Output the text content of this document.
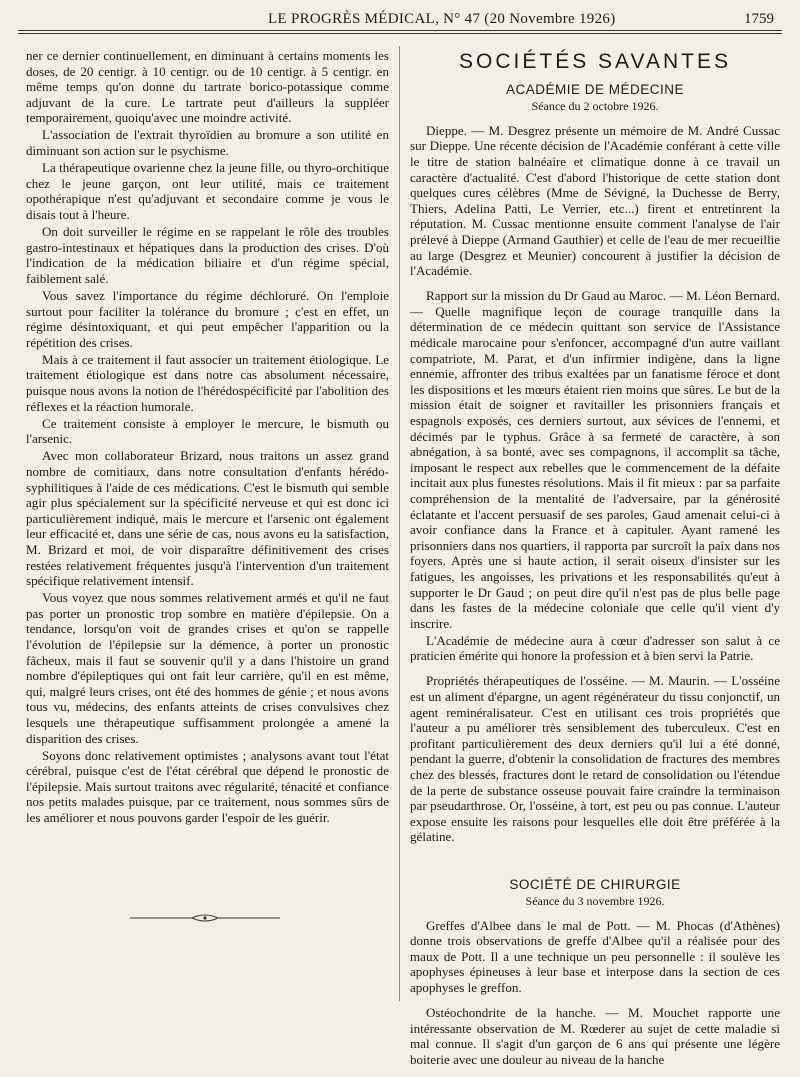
LE PROGRÈS MÉDICAL, N° 47 (20 Novembre 1926)	1759

ner ce dernier continuellement, en diminuant à certains moments les doses, de 20 centigr. à 10 centigr. ou de 10 centigr. à 5 centigr. en même temps qu'on donne du tartrate borico-potassique comme adjuvant de la cure. Le tartrate peut d'ailleurs la suppléer temporairement, quoiqu'avec une moindre activité.

L'association de l'extrait thyroïdien au bromure a son utilité en diminuant son action sur le psychisme.

La thérapeutique ovarienne chez la jeune fille, ou thyro-orchitique chez le jeune garçon, ont leur utilité, mais ce traitement opothérapique n'est qu'adjuvant et secondaire comme je vous le disais tout à l'heure.

On doit surveiller le régime en se rappelant le rôle des troubles gastro-intestinaux et hépatiques dans la production des crises. D'où l'indication de la médication biliaire et d'un régime spécial, faiblement salé.

Vous savez l'importance du régime déchloruré. On l'emploie surtout pour faciliter la tolérance du bromure ; c'est en effet, un régime désintoxiquant, et qui peut empêcher l'apparition ou la répétition des crises.

Mais à ce traitement il faut associer un traitement étiologique. Le traitement étiologique est dans notre cas absolument nécessaire, puisque nous avons la notion de l'hérédospécificité par l'abolition des réflexes et la réaction humorale.

Ce traitement consiste à employer le mercure, le bismuth ou l'arsenic.

Avec mon collaborateur Brizard, nous traitons un assez grand nombre de comitiaux, dans notre consultation d'enfants hérédo-syphilitiques à l'aide de ces médications. C'est le bismuth qui semble agir plus spécialement sur la spécificité nerveuse et qui est donc ici particulièrement indiqué, mais le mercure et l'arsenic ont également leur efficacité et, dans une série de cas, nous avons eu la satisfaction, M. Brizard et moi, de voir disparaître définitivement des crises restées relativement fréquentes jusqu'à l'intervention d'un traitement spécifique relativement intensif.

Vous voyez que nous sommes relativement armés et qu'il ne faut pas porter un pronostic trop sombre en matière d'épilepsie. On a tendance, lorsqu'on voit de grandes crises et qu'on se rappelle l'évolution de l'épilepsie sur la démence, à porter un pronostic fâcheux, mais il faut se souvenir qu'il y a dans l'histoire un grand nombre d'épileptiques qui ont fait leur carrière, qu'il en est même, qui, malgré leurs crises, ont été des hommes de génie ; et nous avons tous vu, médecins, des enfants atteints de crises convulsives chez lesquels une thérapeutique suffisamment prolongée a amené la disparition des crises.

Soyons donc relativement optimistes ; analysons avant tout l'état cérébral, puisque c'est de l'état cérébral que dépend le pronostic de l'épilepsie. Mais surtout traitons avec régularité, ténacité et confiance nos petits malades puisque, par ce traitement, nous sommes sûrs de les améliorer et nous pouvons garder l'espoir de les guérir.

SOCIÉTÉS SAVANTES
ACADÉMIE DE MÉDECINE
Séance du 2 octobre 1926.

Dieppe. — M. Desgrez présente un mémoire de M. André Cussac sur Dieppe. Une récente décision de l'Académie conférant à cette ville le titre de station balnéaire et climatique donne à ce travail un caractère d'actualité. C'est d'abord l'historique de cette station dont quelques cures célèbres (Mme de Sévigné, la Duchesse de Berry, Thiers, Adelina Patti, Le Verrier, etc...) firent et entretinrent la réputation. M. Cussac mentionne ensuite comment l'analyse de l'air prélevé à Dieppe (Armand Gauthier) et celle de l'eau de mer recueillie au large (Desgrez et Meunier) concourent à justifier la décision de l'Académie.

Rapport sur la mission du Dr Gaud au Maroc. — M. Léon Bernard. — Quelle magnifique leçon de courage tranquille dans la détermination de ce médecin quittant son service de l'Assistance médicale marocaine pour s'enfoncer, accompagné d'un autre vaillant compatriote, M. Parat, et d'un infirmier indigène, dans la ligne ennemie, affronter des tribus exaltées par un fanatisme féroce et dont les dispositions et les mœurs étaient rien moins que sûres. Le but de la mission était de soigner et ravitailler les prisonniers français et espagnols exposés, ces derniers surtout, aux sévices de l'ennemi, et décimés par le typhus. Grâce à sa fermeté de caractère, à son abnégation, à sa bonté, avec ses compagnons, il accomplit sa tâche, imposant le respect aux rebelles que le commencement de la défaite incitait aux plus funestes résolutions. Mais il fit mieux : par sa parfaite compréhension de la mentalité de l'adversaire, par la générosité éclatante et l'accent persuasif de ses paroles, Gaud amenait celui-ci à avoir confiance dans la France et à capituler. Ayant ramené les prisonniers dans nos quartiers, il rapporta par surcroît la paix dans nos foyers. Après une si haute action, il serait oiseux d'insister sur les fatigues, les angoisses, les privations et les responsabilités qu'eut à supporter le Dr Gaud ; on peut dire qu'il n'est pas de plus belle page dans les fastes de la médecine coloniale que celle qu'il vient d'y inscrire.

L'Académie de médecine aura à cœur d'adresser son salut à ce praticien émérite qui honore la profession et à bien servi la Patrie.

Propriétés thérapeutiques de l'osséine. — M. Maurin. — L'osséine est un aliment d'épargne, un agent régénérateur du tissu conjonctif, un agent reminéralisateur. C'est en utilisant ces trois propriétés que l'auteur a pu améliorer très sensiblement des tuberculeux. C'est en profitant particulièrement des deux derniers qu'il lui a été donné, pendant la guerre, d'obtenir la consolidation de fractures des membres chez des blessés, fractures dont le retard de consolidation ou l'étendue de la perte de substance osseuse pouvait faire craindre la terminaison par pseudarthrose. Or, l'osséine, à tort, est peu ou pas connue. L'auteur expose ensuite les raisons pour lesquelles elle doit être préférée à la gélatine.

SOCIÉTÉ DE CHIRURGIE
Séance du 3 novembre 1926.

Greffes d'Albee dans le mal de Pott. — M. Phocas (d'Athènes) donne trois observations de greffe d'Albee qu'il a réalisée pour des maux de Pott. Il a une technique un peu personnelle : il soulève les apophyses épineuses à leur base et interpose dans la section de ces apophyses le greffon.

Ostéochondrite de la hanche. — M. Mouchet rapporte une intéressante observation de M. Rœderer au sujet de cette maladie si mal connue. Il s'agit d'un garçon de 6 ans qui présente une légère boiterie avec une douleur au niveau de la hanche
